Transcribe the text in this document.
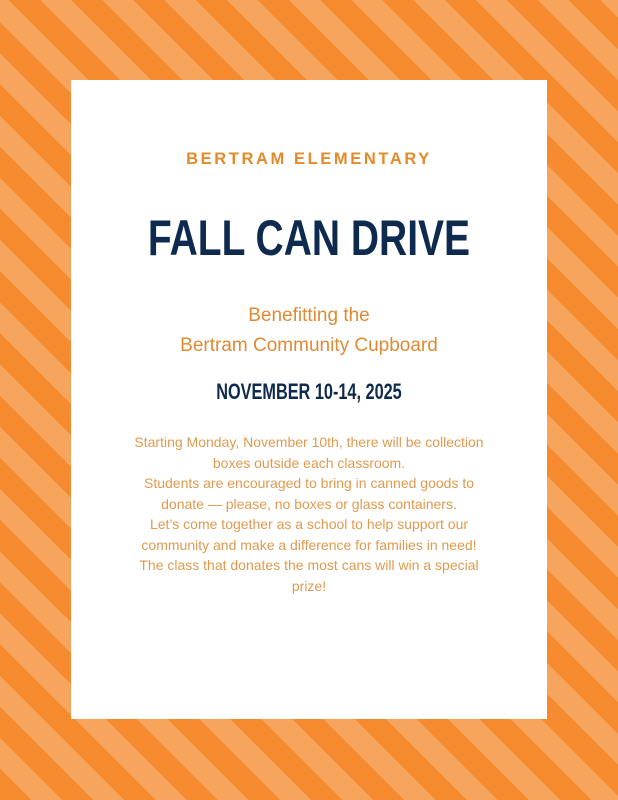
BERTRAM ELEMENTARY
FALL CAN DRIVE
Benefitting the
Bertram Community Cupboard
NOVEMBER 10-14, 2025

Starting Monday, November 10th, there will be collection boxes outside each classroom.

Students are encouraged to bring in canned goods to donate — please, no boxes or glass containers.

Let’s come together as a school to help support our community and make a difference for families in need!

The class that donates the most cans will win a special prize!
